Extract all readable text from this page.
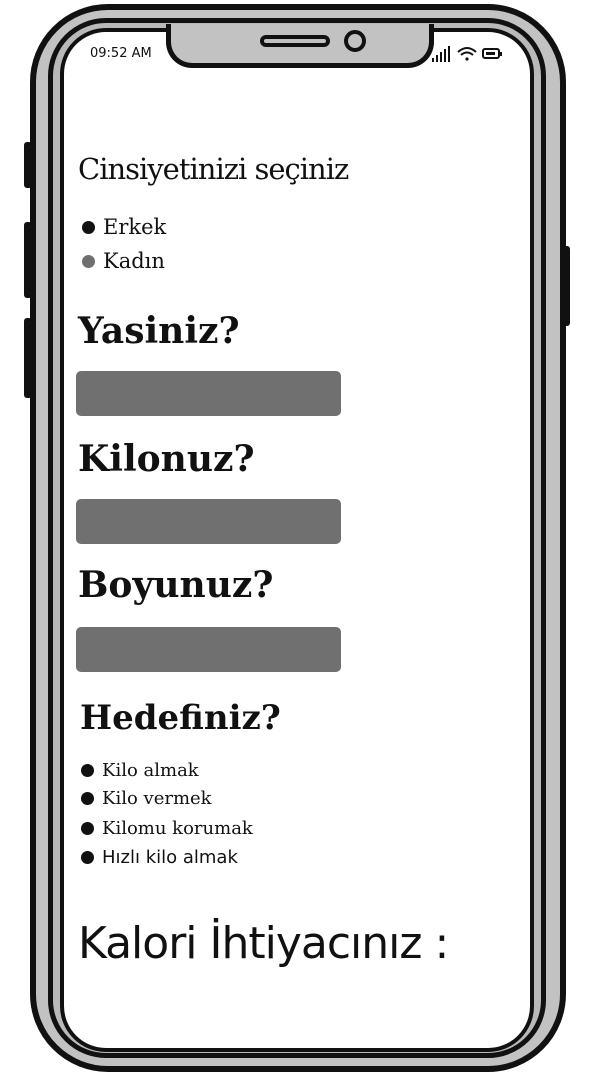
09:52 AM
Cinsiyetinizi seçiniz
Erkek
Kadın
Yasiniz?
Kilonuz?
Boyunuz?
Hedefiniz?
Kilo almak
Kilo vermek
Kilomu korumak
Hızlı kilo almak
Kalori İhtiyacınız :
